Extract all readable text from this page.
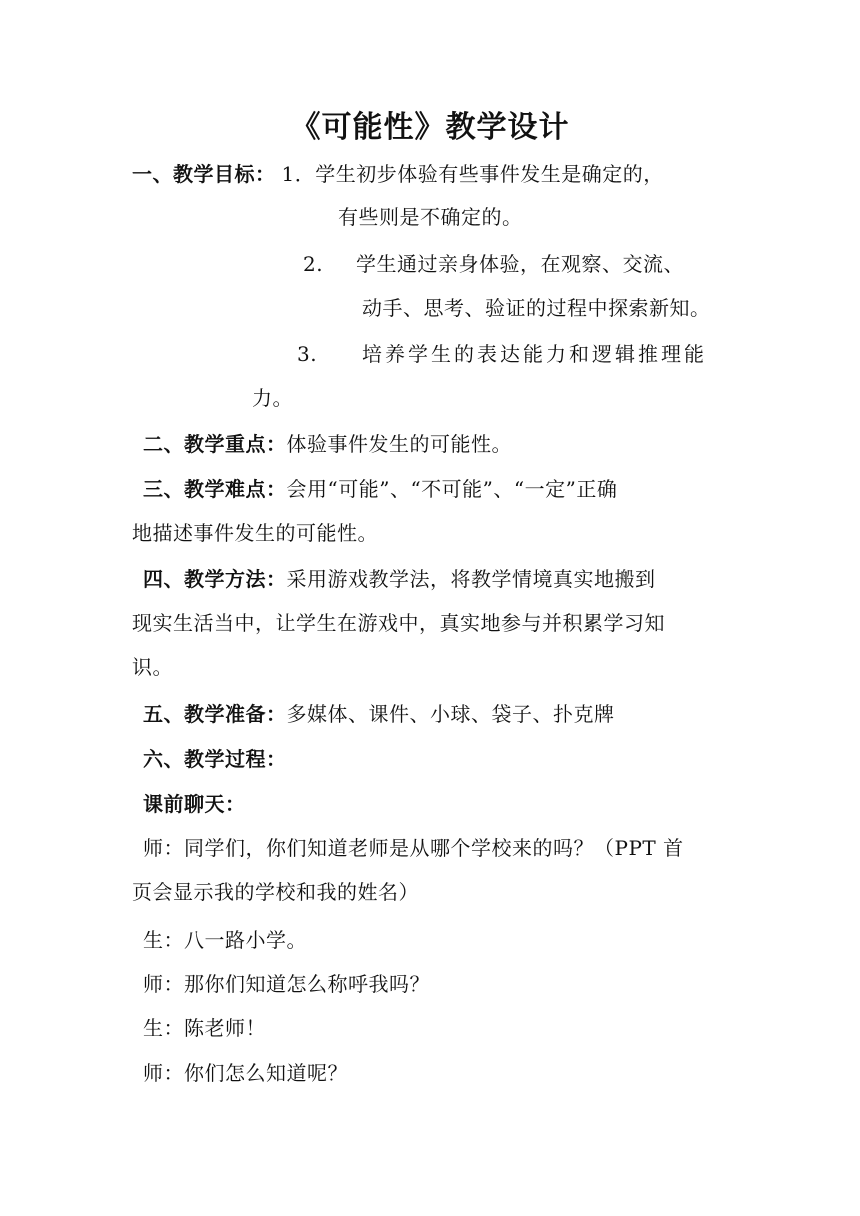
《可能性》教学设计
一、教学目标： 1．学生初步体验有些事件发生是确定的，
有些则是不确定的。
2. 学生通过亲身体验，在观察、交流、
动手、思考、验证的过程中探索新知。
3. 培养学生的表达能力和逻辑推理能
力。
二、教学重点：体验事件发生的可能性。
三、教学难点：会用“可能”、“不可能”、“一定”正确
地描述事件发生的可能性。
四、教学方法：采用游戏教学法，将教学情境真实地搬到
现实生活当中，让学生在游戏中，真实地参与并积累学习知
识。
五、教学准备：多媒体、课件、小球、袋子、扑克牌
六、教学过程：
课前聊天：
师：同学们，你们知道老师是从哪个学校来的吗？（PPT 首
页会显示我的学校和我的姓名）
生：八一路小学。
师：那你们知道怎么称呼我吗？
生：陈老师！
师：你们怎么知道呢？
